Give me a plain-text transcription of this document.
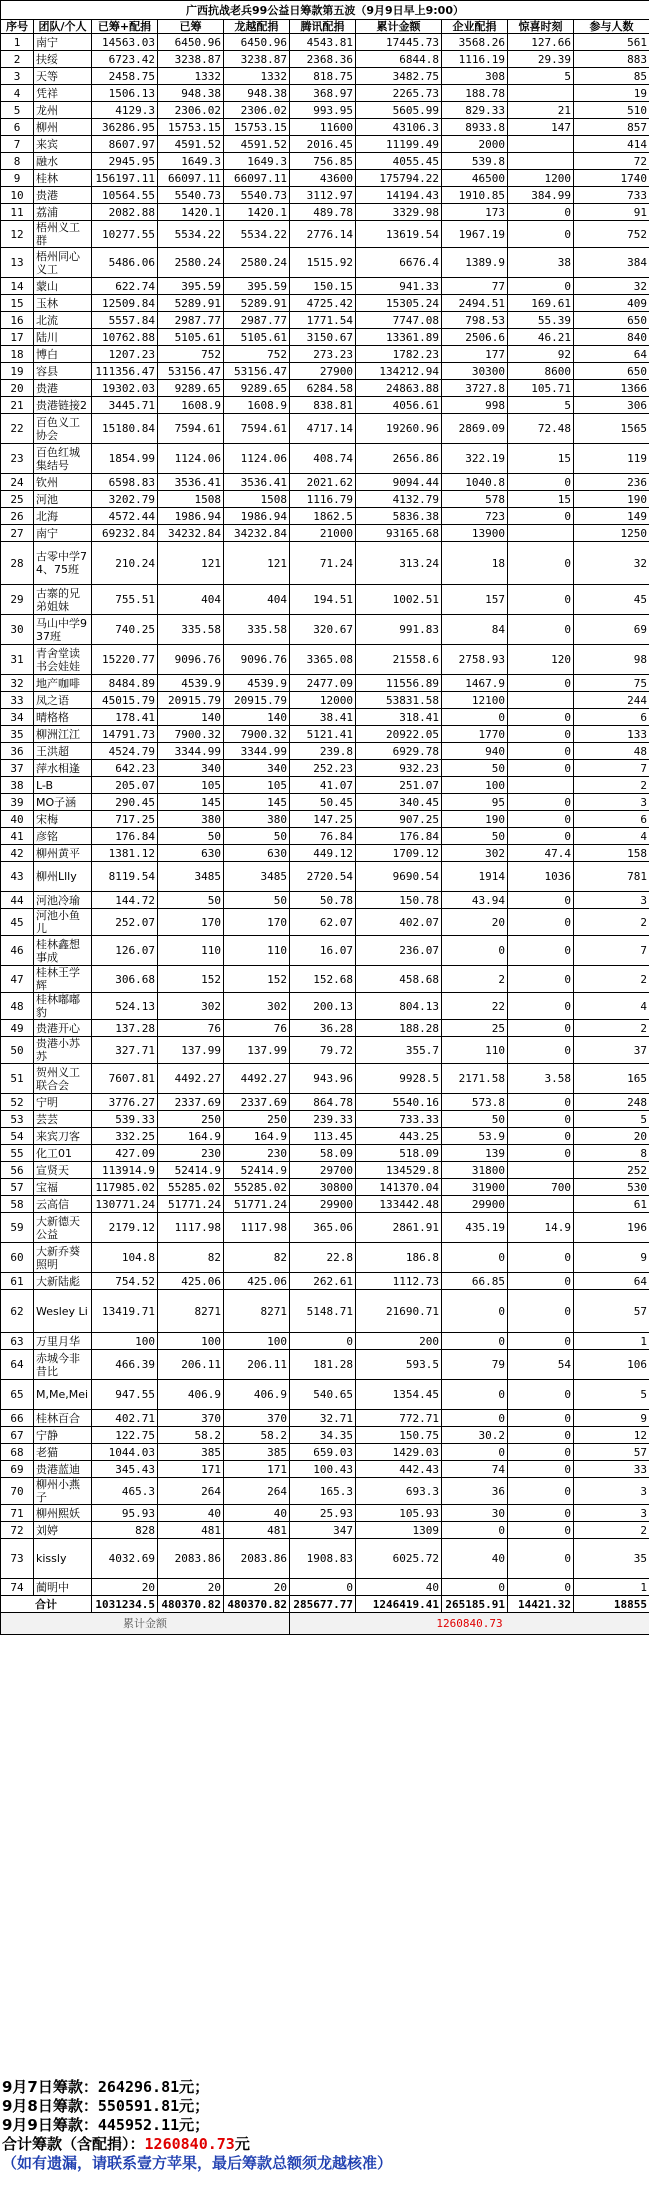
广西抗战老兵99公益日筹款第五波（9月9日早上9:00）									
序号	团队/个人	已筹+配捐	已筹	龙越配捐	腾讯配捐	累计金额	企业配捐	惊喜时刻	参与人数
1	南宁	14563.03	6450.96	6450.96	4543.81	17445.73	3568.26	127.66	561
2	扶绥	6723.42	3238.87	3238.87	2368.36	6844.8	1116.19	29.39	883
3	天等	2458.75	1332	1332	818.75	3482.75	308	5	85
4	凭祥	1506.13	948.38	948.38	368.97	2265.73	188.78		19
5	龙州	4129.3	2306.02	2306.02	993.95	5605.99	829.33	21	510
6	柳州	36286.95	15753.15	15753.15	11600	43106.3	8933.8	147	857
7	来宾	8607.97	4591.52	4591.52	2016.45	11199.49	2000		414
8	融水	2945.95	1649.3	1649.3	756.85	4055.45	539.8		72
9	桂林	156197.11	66097.11	66097.11	43600	175794.22	46500	1200	1740
10	贵港	10564.55	5540.73	5540.73	3112.97	14194.43	1910.85	384.99	733
11	荔浦	2082.88	1420.1	1420.1	489.78	3329.98	173	0	91
12	梧州义工群	10277.55	5534.22	5534.22	2776.14	13619.54	1967.19	0	752
13	梧州同心义工	5486.06	2580.24	2580.24	1515.92	6676.4	1389.9	38	384
14	蒙山	622.74	395.59	395.59	150.15	941.33	77	0	32
15	玉林	12509.84	5289.91	5289.91	4725.42	15305.24	2494.51	169.61	409
16	北流	5557.84	2987.77	2987.77	1771.54	7747.08	798.53	55.39	650
17	陆川	10762.88	5105.61	5105.61	3150.67	13361.89	2506.6	46.21	840
18	博白	1207.23	752	752	273.23	1782.23	177	92	64
19	容县	111356.47	53156.47	53156.47	27900	134212.94	30300	8600	650
20	贵港	19302.03	9289.65	9289.65	6284.58	24863.88	3727.8	105.71	1366
21	贵港链接2	3445.71	1608.9	1608.9	838.81	4056.61	998	5	306
22	百色义工协会	15180.84	7594.61	7594.61	4717.14	19260.96	2869.09	72.48	1565
23	百色红城集结号	1854.99	1124.06	1124.06	408.74	2656.86	322.19	15	119
24	钦州	6598.83	3536.41	3536.41	2021.62	9094.44	1040.8	0	236
25	河池	3202.79	1508	1508	1116.79	4132.79	578	15	190
26	北海	4572.44	1986.94	1986.94	1862.5	5836.38	723	0	149
27	南宁	69232.84	34232.84	34232.84	21000	93165.68	13900		1250
28	古零中学74、75班	210.24	121	121	71.24	313.24	18	0	32
29	古寨的兄弟姐妹	755.51	404	404	194.51	1002.51	157	0	45
30	马山中学937班	740.25	335.58	335.58	320.67	991.83	84	0	69
31	青舍堂读书会娃娃	15220.77	9096.76	9096.76	3365.08	21558.6	2758.93	120	98
32	地产咖啡	8484.89	4539.9	4539.9	2477.09	11556.89	1467.9	0	75
33	凤之语	45015.79	20915.79	20915.79	12000	53831.58	12100		244
34	晴格格	178.41	140	140	38.41	318.41	0	0	6
35	柳洲江江	14791.73	7900.32	7900.32	5121.41	20922.05	1770	0	133
36	王洪超	4524.79	3344.99	3344.99	239.8	6929.78	940	0	48
37	萍水相逢	642.23	340	340	252.23	932.23	50	0	7
38	L-B	205.07	105	105	41.07	251.07	100		2
39	MO子涵	290.45	145	145	50.45	340.45	95	0	3
40	宋梅	717.25	380	380	147.25	907.25	190	0	6
41	彦铭	176.84	50	50	76.84	176.84	50	0	4
42	柳州黄平	1381.12	630	630	449.12	1709.12	302	47.4	158
43	柳州Llly	8119.54	3485	3485	2720.54	9690.54	1914	1036	781
44	河池冷瑜	144.72	50	50	50.78	150.78	43.94	0	3
45	河池小鱼儿	252.07	170	170	62.07	402.07	20	0	2
46	桂林鑫想事成	126.07	110	110	16.07	236.07	0	0	7
47	桂林王学辉	306.68	152	152	152.68	458.68	2	0	2
48	桂林嘟嘟豹	524.13	302	302	200.13	804.13	22	0	4
49	贵港开心	137.28	76	76	36.28	188.28	25	0	2
50	贵港小苏苏	327.71	137.99	137.99	79.72	355.7	110	0	37
51	贺州义工联合会	7607.81	4492.27	4492.27	943.96	9928.5	2171.58	3.58	165
52	宁明	3776.27	2337.69	2337.69	864.78	5540.16	573.8	0	248
53	芸芸	539.33	250	250	239.33	733.33	50	0	5
54	来宾刀客	332.25	164.9	164.9	113.45	443.25	53.9	0	20
55	化工01	427.09	230	230	58.09	518.09	139	0	8
56	宣贤天	113914.9	52414.9	52414.9	29700	134529.8	31800		252
57	宝福	117985.02	55285.02	55285.02	30800	141370.04	31900	700	530
58	云高信	130771.24	51771.24	51771.24	29900	133442.48	29900		61
59	大新德天公益	2179.12	1117.98	1117.98	365.06	2861.91	435.19	14.9	196
60	大新乔葵照明	104.8	82	82	22.8	186.8	0	0	9
61	大新陆彪	754.52	425.06	425.06	262.61	1112.73	66.85	0	64
62	Wesley Li	13419.71	8271	8271	5148.71	21690.71	0	0	57
63	万里月华	100	100	100	0	200	0	0	1
64	赤城今非昔比	466.39	206.11	206.11	181.28	593.5	79	54	106
65	M,Me,Mei	947.55	406.9	406.9	540.65	1354.45	0	0	5
66	桂林百合	402.71	370	370	32.71	772.71	0	0	9
67	宁静	122.75	58.2	58.2	34.35	150.75	30.2	0	12
68	老猫	1044.03	385	385	659.03	1429.03	0	0	57
69	贵港蓝迪	345.43	171	171	100.43	442.43	74	0	33
70	柳州小燕子	465.3	264	264	165.3	693.3	36	0	3
71	柳州熙妖	95.93	40	40	25.93	105.93	30	0	3
72	刘婷	828	481	481	347	1309	0	0	2
73	kissly	4032.69	2083.86	2083.86	1908.83	6025.72	40	0	35
74	蔺明中	20	20	20	0	40	0	0	1
合计		1031234.5	480370.82	480370.82	285677.77	1246419.41	265185.91	14421.32	18855
累计金额					1260840.73				
9月7日筹款：264296.81元；
9月8日筹款：550591.81元；
9月9日筹款：445952.11元；
合计筹款（含配捐）：1260840.73元
（如有遗漏，请联系壹方苹果，最后筹款总额须龙越核准）
